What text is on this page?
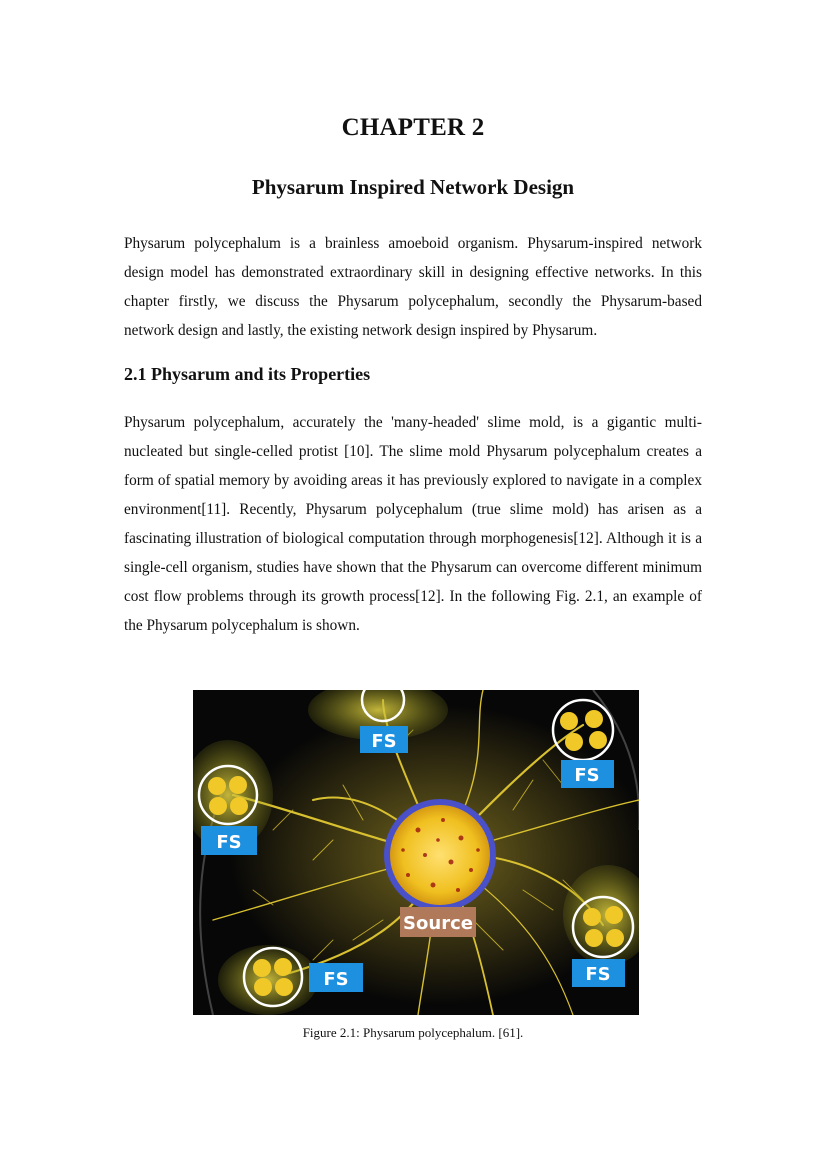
CHAPTER 2
Physarum Inspired Network Design
Physarum polycephalum is a brainless amoeboid organism. Physarum-inspired network design model has demonstrated extraordinary skill in designing effective networks. In this chapter firstly, we discuss the Physarum polycephalum, secondly the Physarum-based network design and lastly, the existing network design inspired by Physarum.
2.1 Physarum and its Properties
Physarum polycephalum, accurately the 'many-headed' slime mold, is a gigantic multi-nucleated but single-celled protist [10]. The slime mold Physarum polycephalum creates a form of spatial memory by avoiding areas it has previously explored to navigate in a complex environment[11]. Recently, Physarum polycephalum (true slime mold) has arisen as a fascinating illustration of biological computation through morphogenesis[12]. Although it is a single-cell organism, studies have shown that the Physarum can overcome different minimum cost flow problems through its growth process[12]. In the following Fig. 2.1, an example of the Physarum polycephalum is shown.
FS
FS
FS
FS
FS
Source
Figure 2.1: Physarum polycephalum. [61].
